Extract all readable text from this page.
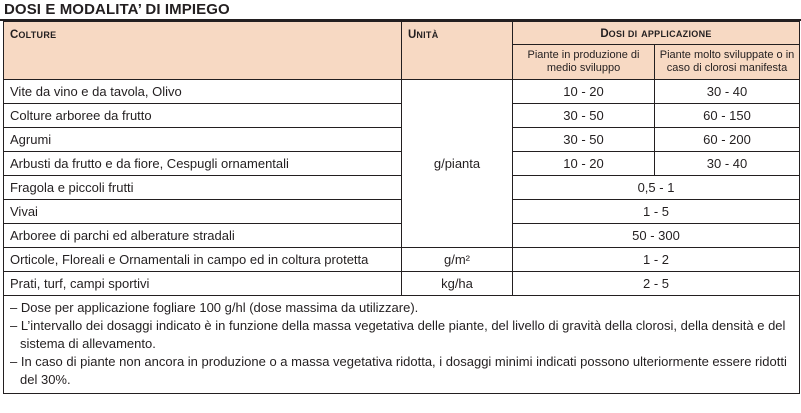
DOSI E MODALITA’ DI IMPIEGO
COLTURE	UNITÀ	DOSI DI APPLICAZIONE	
		Piante in produzione di medio sviluppo	Piante molto sviluppate o in caso di clorosi manifesta
Vite da vino e da tavola, Olivo	g/pianta	10 - 20	30 - 40
Colture arboree da frutto		30 - 50	60 - 150
Agrumi		30 - 50	60 - 200
Arbusti da frutto e da fiore, Cespugli ornamentali		10 - 20	30 - 40
Fragola e piccoli frutti		0,5 - 1	
Vivai		1 - 5	
Arboree di parchi ed alberature stradali		50 - 300	
Orticole, Floreali e Ornamentali in campo ed in coltura protetta	g/m²	1 - 2	
Prati, turf, campi sportivi	kg/ha	2 - 5	

– Dose per applicazione fogliare 100 g/hl (dose massima da utilizzare).
– L’intervallo dei dosaggi indicato è in funzione della massa vegetativa delle piante, del livello di gravità della clorosi, della densità e del sistema di allevamento.
– In caso di piante non ancora in produzione o a massa vegetativa ridotta, i dosaggi minimi indicati possono ulteriormente essere ridotti del 30%.			
